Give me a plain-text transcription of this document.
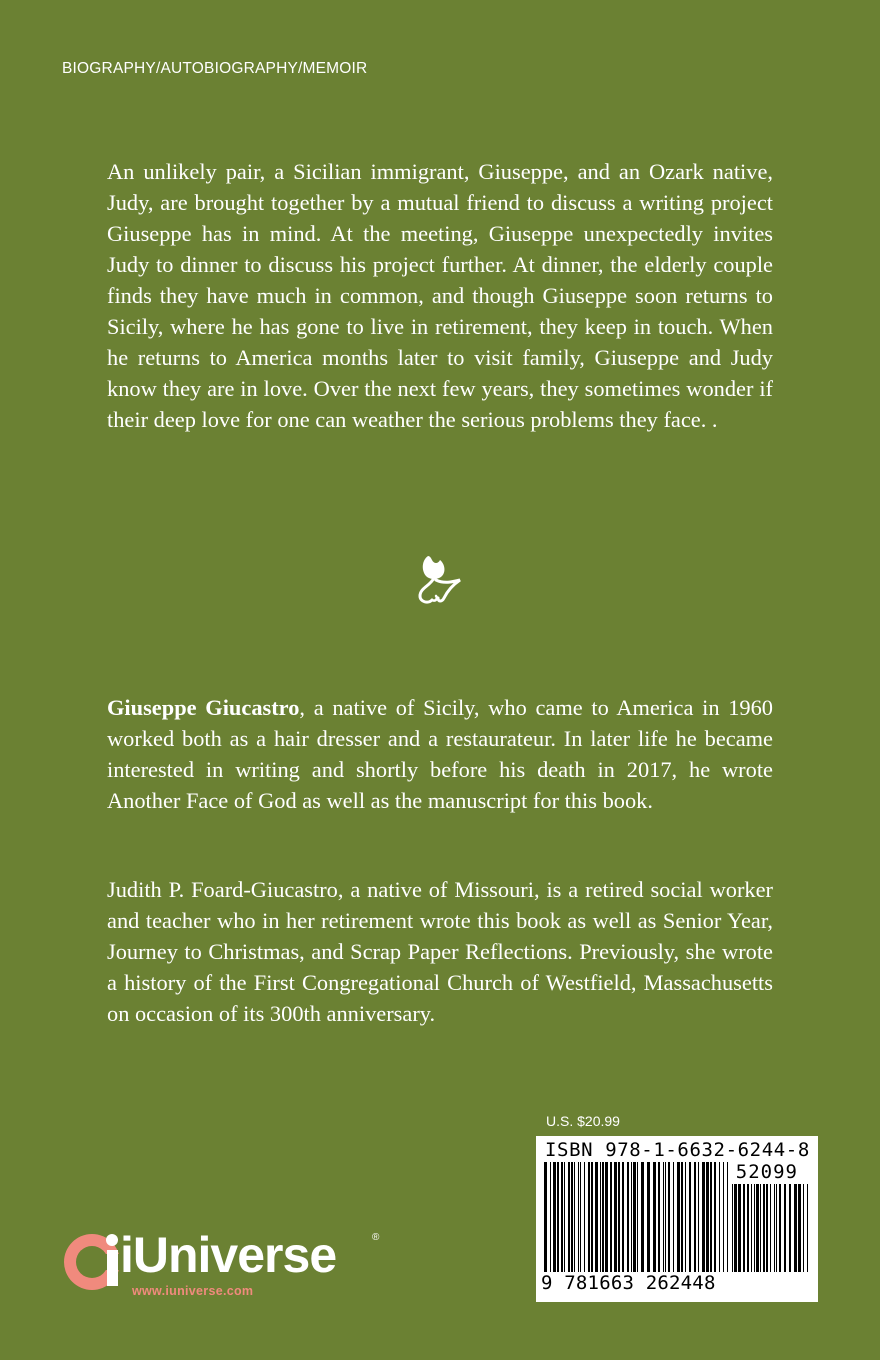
BIOGRAPHY/AUTOBIOGRAPHY/MEMOIR

An unlikely pair, a Sicilian immigrant, Giuseppe, and an Ozark native, Judy, are brought together by a mutual friend to discuss a writing project Giuseppe has in mind. At the meeting, Giuseppe unexpectedly invites Judy to dinner to discuss his project further. At dinner, the elderly couple finds they have much in common, and though Giuseppe soon returns to Sicily, where he has gone to live in retirement, they keep in touch. When he returns to America months later to visit family, Giuseppe and Judy know they are in love. Over the next few years, they sometimes wonder if their deep love for one can weather the serious problems they face. .

Giuseppe Giucastro, a native of Sicily, who came to America in 1960 worked both as a hair dresser and a restaurateur. In later life he became interested in writing and shortly before his death in 2017, he wrote Another Face of God as well as the manuscript for this book.

Judith P. Foard-Giucastro, a native of Missouri, is a retired social worker and teacher who in her retirement wrote this book as well as Senior Year, Journey to Christmas, and Scrap Paper Reflections. Previously, she wrote a history of the First Congregational Church of Westfield, Massachusetts on occasion of its 300th anniversary.

U.S. $20.99
ISBN 978-1-6632-6244-8
52099
9 781663 262448
iUniverse	®
www.iuniverse.com
